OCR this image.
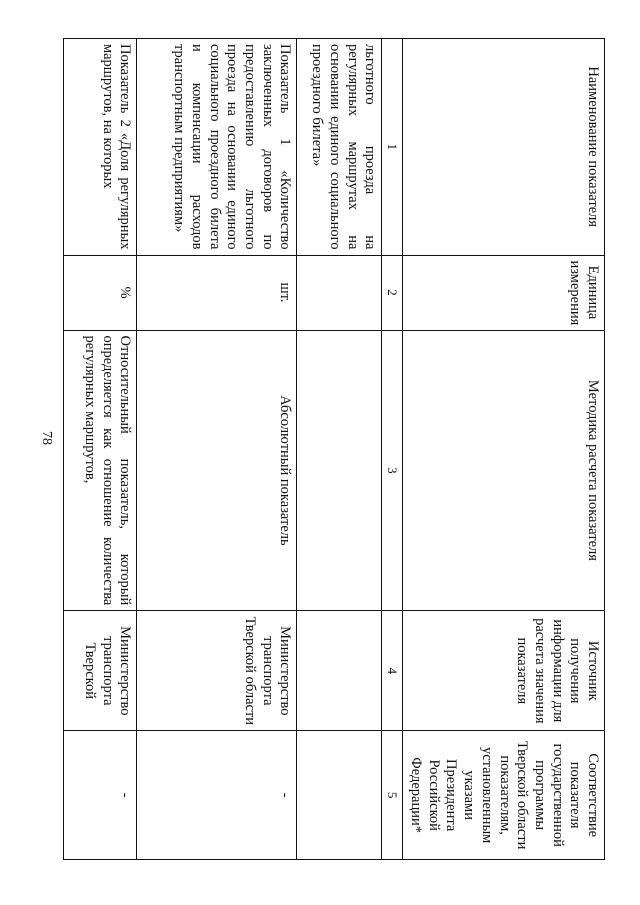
78
Наименование показателя	Единица измерения	Методика расчета показателя	Источник получения информации для расчета значения показателя	Соответствие показателя государственной программы Тверской области показателям, установленным указами Президента Российской Федерации*
1	2	3	4	5
льготного проезда на регулярных маршрутах на основании единого социального проездного билета»				
Показатель 1 «Количество заключенных договоров по предоставлению льготного проезда на основании единого социального проездного билета и компенсации расходов транспортным предприятиям»	шт.	Абсолютный показатель	Министерство транспорта Тверской области	-
Показатель 2 «Доля регулярных маршрутов, на которых	%	Относительный показатель, который определяется как отношение количества регулярных маршрутов,	Министерство транспорта Тверской	-
